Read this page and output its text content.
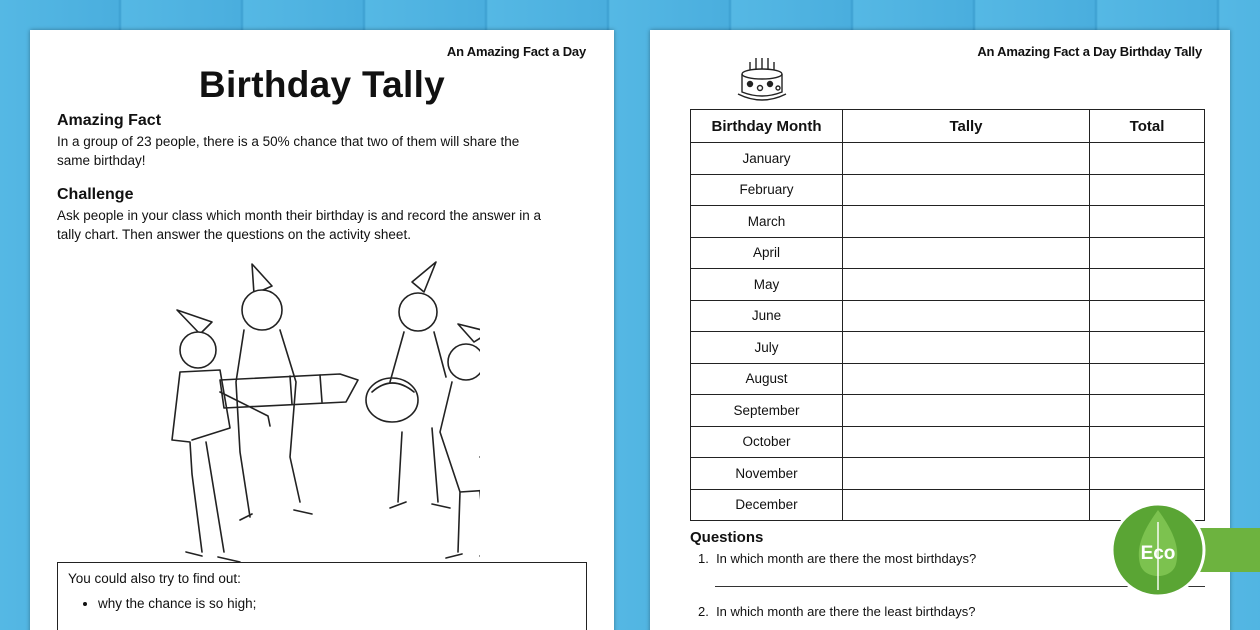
An Amazing Fact a Day
Birthday Tally
Amazing Fact
In a group of 23 people, there is a 50% chance that two of them will share the
same birthday!
Challenge
Ask people in your class which month their birthday is and record the answer in a
tally chart. Then answer the questions on the activity sheet.
You could also try to find out:
• why the chance is so high;
An Amazing Fact a Day Birthday Tally
Birthday Month	Tally	Total
January		
February		
March		
April		
May		
June		
July		
August		
September		
October		
November		
December		
Questions
1.  In which month are there the most birthdays?
2.  In which month are there the least birthdays?
Eco
